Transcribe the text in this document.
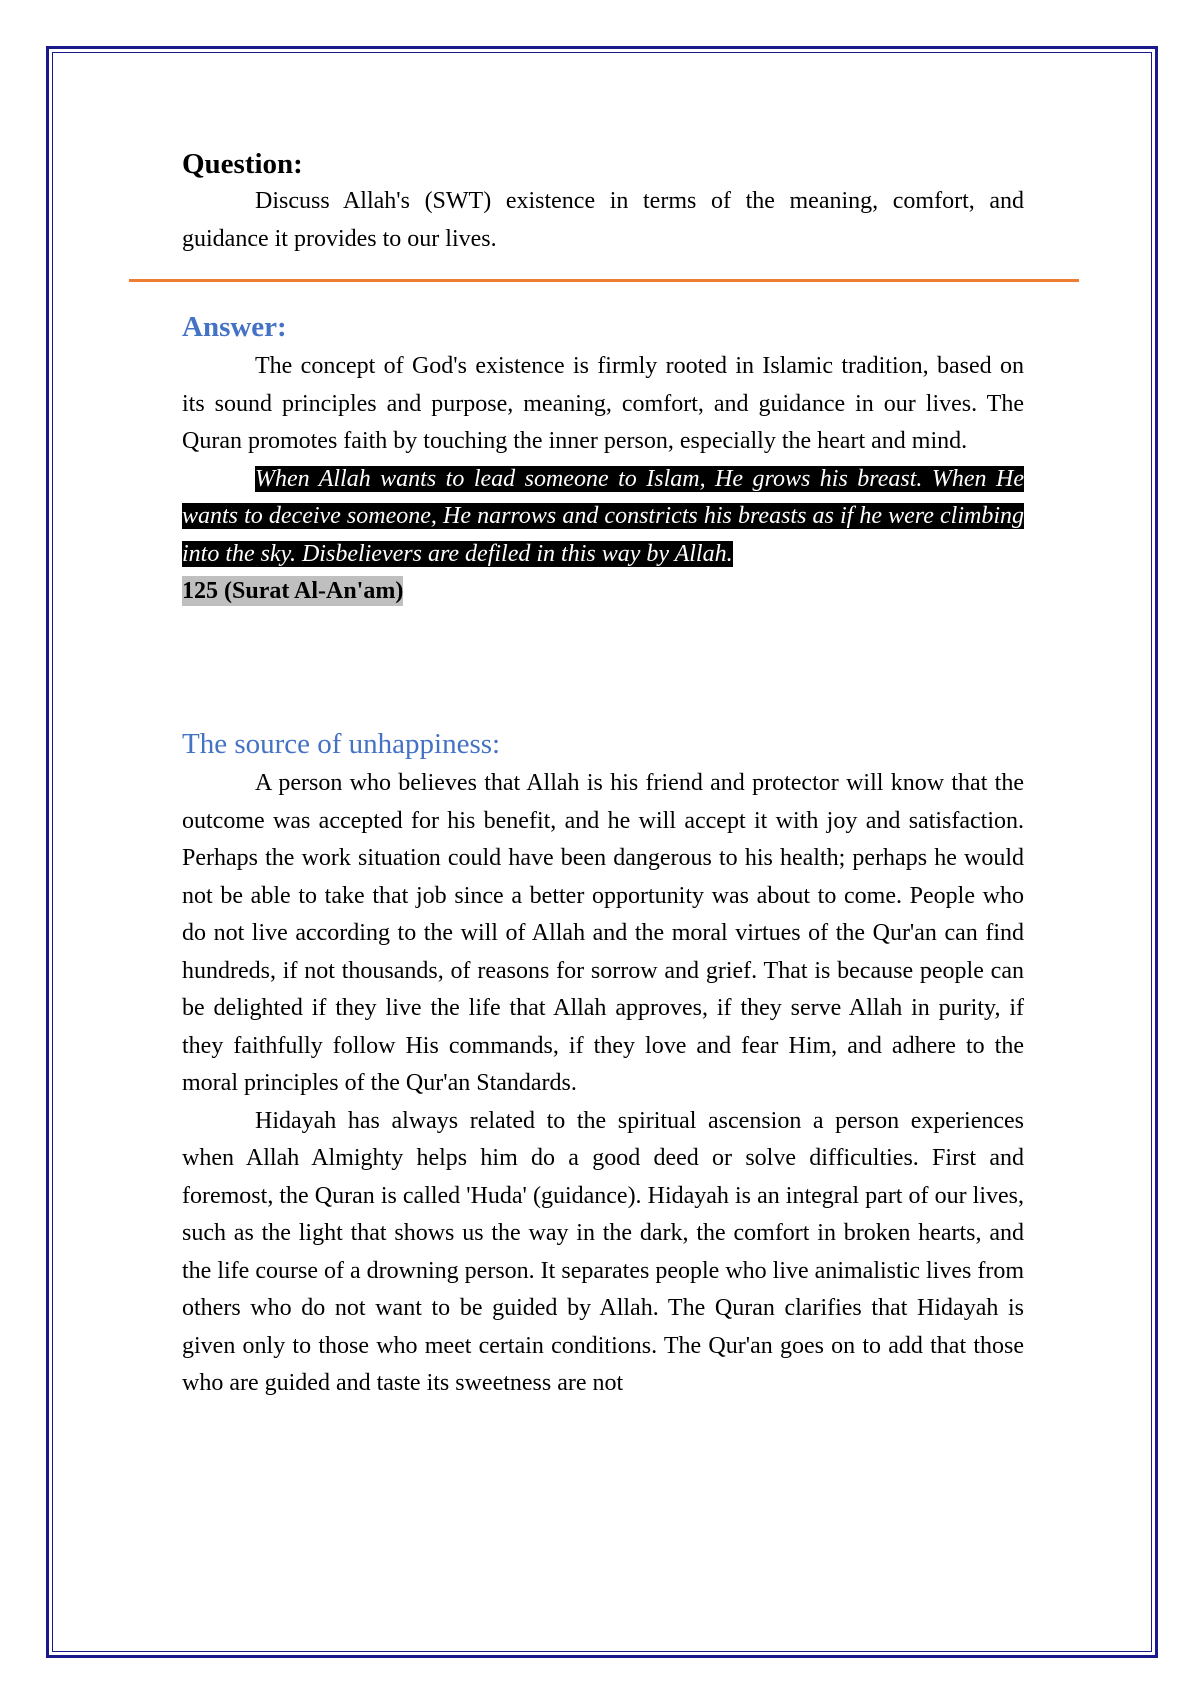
Question:

Discuss Allah's (SWT) existence in terms of the meaning, comfort, and guidance it provides to our lives.

Answer:

The concept of God's existence is firmly rooted in Islamic tradition, based on its sound principles and purpose, meaning, comfort, and guidance in our lives. The Quran promotes faith by touching the inner person, especially the heart and mind.

When Allah wants to lead someone to Islam, He grows his breast. When He wants to deceive someone, He narrows and constricts his breasts as if he were climbing into the sky. Disbelievers are defiled in this way by Allah.

125 (Surat Al-An'am)

The source of unhappiness:

A person who believes that Allah is his friend and protector will know that the outcome was accepted for his benefit, and he will accept it with joy and satisfaction. Perhaps the work situation could have been dangerous to his health; perhaps he would not be able to take that job since a better opportunity was about to come. People who do not live according to the will of Allah and the moral virtues of the Qur'an can find hundreds, if not thousands, of reasons for sorrow and grief. That is because people can be delighted if they live the life that Allah approves, if they serve Allah in purity, if they faithfully follow His commands, if they love and fear Him, and adhere to the moral principles of the Qur'an Standards.

Hidayah has always related to the spiritual ascension a person experiences when Allah Almighty helps him do a good deed or solve difficulties. First and foremost, the Quran is called 'Huda' (guidance). Hidayah is an integral part of our lives, such as the light that shows us the way in the dark, the comfort in broken hearts, and the life course of a drowning person. It separates people who live animalistic lives from others who do not want to be guided by Allah. The Quran clarifies that Hidayah is given only to those who meet certain conditions. The Qur'an goes on to add that those who are guided and taste its sweetness are not
